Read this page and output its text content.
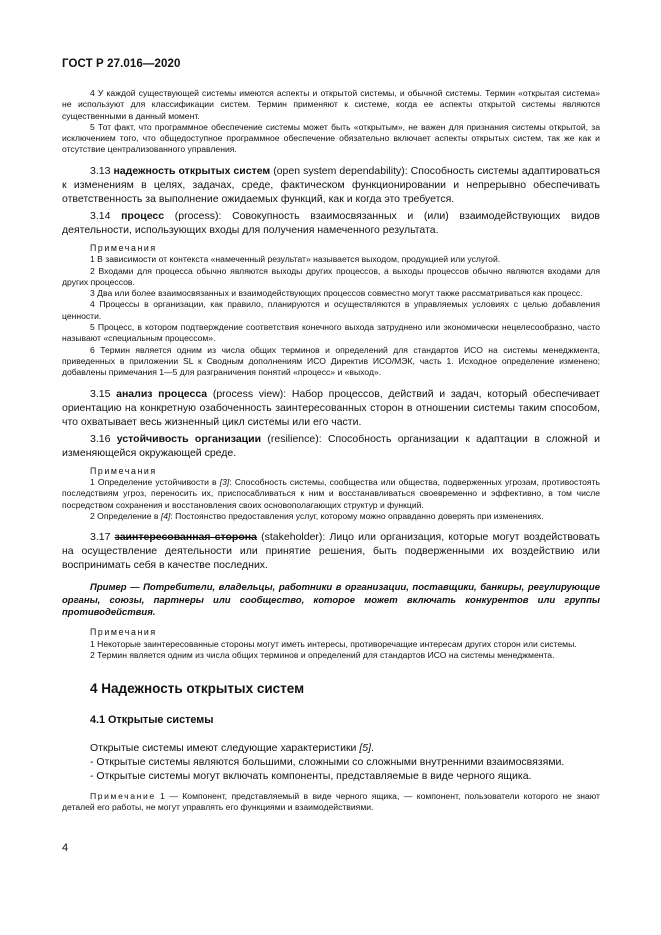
ГОСТ Р 27.016—2020

4 У каждой существующей системы имеются аспекты и открытой системы, и обычной системы. Термин «открытая система» не используют для классификации систем. Термин применяют к системе, когда ее аспекты открытой системы являются существенными в данный момент.

5 Тот факт, что программное обеспечение системы может быть «открытым», не важен для признания системы открытой, за исключением того, что общедоступное программное обеспечение обязательно включает аспекты открытых систем, так же как и отсутствие централизованного управления.

3.13 надежность открытых систем (open system dependability): Способность системы адаптироваться к изменениям в целях, задачах, среде, фактическом функционировании и непрерывно обеспечивать ответственность за выполнение ожидаемых функций, как и когда это требуется.

3.14 процесс (process): Совокупность взаимосвязанных и (или) взаимодействующих видов деятельности, использующих входы для получения намеченного результата.

Примечания

1 В зависимости от контекста «намеченный результат» называется выходом, продукцией или услугой.

2 Входами для процесса обычно являются выходы других процессов, а выходы процессов обычно являются входами для других процессов.

3 Два или более взаимосвязанных и взаимодействующих процессов совместно могут также рассматриваться как процесс.

4 Процессы в организации, как правило, планируются и осуществляются в управляемых условиях с целью добавления ценности.

5 Процесс, в котором подтверждение соответствия конечного выхода затруднено или экономически нецелесообразно, часто называют «специальным процессом».

6 Термин является одним из числа общих терминов и определений для стандартов ИСО на системы менеджмента, приведенных в приложении SL к Сводным дополнениям ИСО Директив ИСО/МЭК, часть 1. Исходное определение изменено; добавлены примечания 1—5 для разграничения понятий «процесс» и «выход».

3.15 анализ процесса (process view): Набор процессов, действий и задач, который обеспечивает ориентацию на конкретную озабоченность заинтересованных сторон в отношении системы таким способом, что охватывает весь жизненный цикл системы или его части.

3.16 устойчивость организации (resilience): Способность организации к адаптации в сложной и изменяющейся окружающей среде.

Примечания

1 Определение устойчивости в [3]: Способность системы, сообщества или общества, подверженных угрозам, противостоять последствиям угроз, переносить их, приспосабливаться к ним и восстанавливаться своевременно и эффективно, в том числе посредством сохранения и восстановления своих основополагающих структур и функций.

2 Определение в [4]: Постоянство предоставления услуг, которому можно оправданно доверять при изменениях.

3.17 заинтересованная сторона (stakeholder): Лицо или организация, которые могут воздействовать на осуществление деятельности или принятие решения, быть подверженными их воздействию или воспринимать себя в качестве последних.

Пример — Потребители, владельцы, работники в организации, поставщики, банкиры, регулирующие органы, союзы, партнеры или сообщество, которое может включать конкурентов или группы противодействия.

Примечания

1 Некоторые заинтересованные стороны могут иметь интересы, противоречащие интересам других сторон или системы.

2 Термин является одним из числа общих терминов и определений для стандартов ИСО на системы менеджмента.

4 Надежность открытых систем

4.1 Открытые системы

Открытые системы имеют следующие характеристики [5].

- Открытые системы являются большими, сложными со сложными внутренними взаимосвязями.

- Открытые системы могут включать компоненты, представляемые в виде черного ящика.

Примечание 1 — Компонент, представляемый в виде черного ящика, — компонент, пользователи которого не знают деталей его работы, не могут управлять его функциями и взаимодействиями.

4
